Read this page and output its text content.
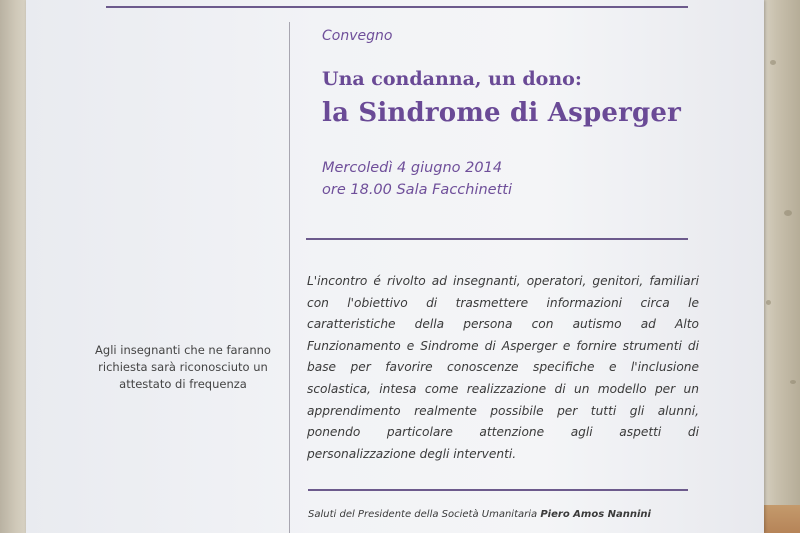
Agli insegnanti che ne faranno
richiesta sarà riconosciuto un
attestato di frequenza
Convegno
Una condanna, un dono:
la Sindrome di Asperger
Mercoledì 4 giugno 2014
ore 18.00 Sala Facchinetti
L'incontro é rivolto ad insegnanti, operatori, genitori, familiari
con l'obiettivo di trasmettere informazioni circa le
caratteristiche della persona con autismo ad Alto
Funzionamento e Sindrome di Asperger e fornire strumenti di
base per favorire conoscenze specifiche e l'inclusione
scolastica, intesa come realizzazione di un modello per un
apprendimento realmente possibile per tutti gli alunni,
ponendo particolare attenzione agli aspetti di
personalizzazione degli interventi.
Saluti del Presidente della Società Umanitaria Piero Amos Nannini
